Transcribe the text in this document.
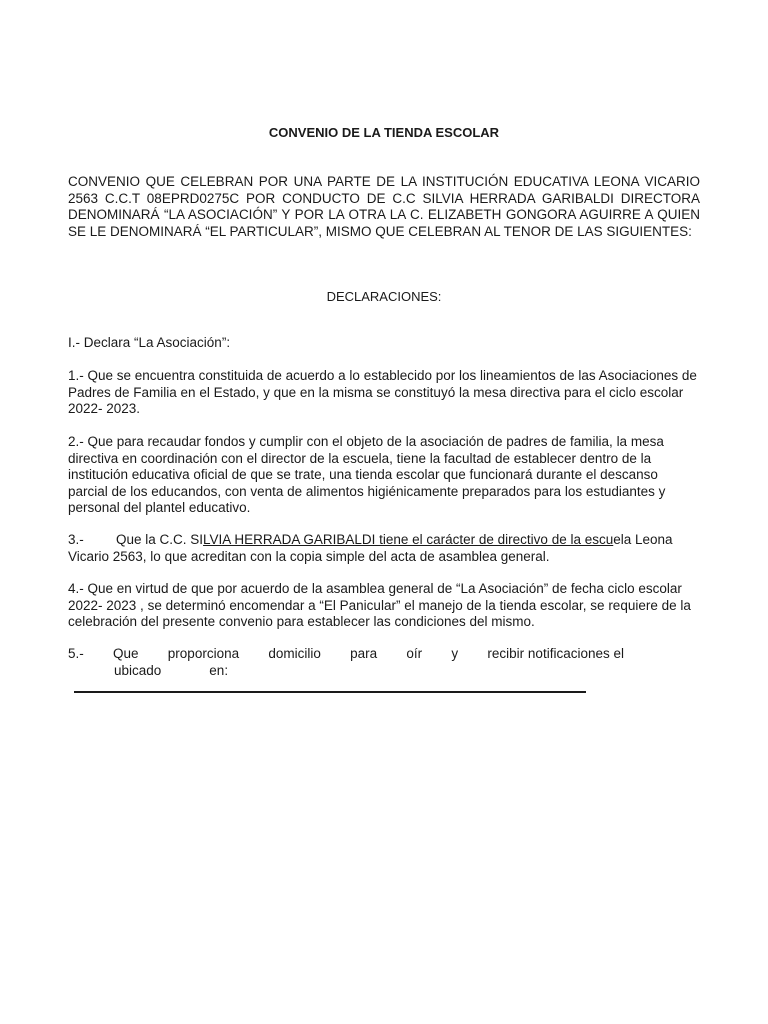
CONVENIO DE LA TIENDA ESCOLAR

CONVENIO QUE CELEBRAN POR UNA PARTE DE LA INSTITUCIÓN EDUCATIVA LEONA VICARIO 2563 C.C.T 08EPRD0275C POR CONDUCTO DE C.C SILVIA HERRADA GARIBALDI DIRECTORA DENOMINARÁ “LA ASOCIACIÓN” Y POR LA OTRA LA C. ELIZABETH GONGORA AGUIRRE A QUIEN SE LE DENOMINARÁ “EL PARTICULAR”, MISMO QUE CELEBRAN AL TENOR DE LAS SIGUIENTES:

DECLARACIONES:

I.- Declara “La Asociación”:

1.- Que se encuentra constituida de acuerdo a lo establecido por los lineamientos de las Asociaciones de Padres de Familia en el Estado, y que en la misma se constituyó la mesa directiva para el ciclo escolar 2022- 2023.

2.- Que para recaudar fondos y cumplir con el objeto de la asociación de padres de familia, la mesa directiva en coordinación con el director de la escuela, tiene la facultad de establecer dentro de la institución educativa oficial de que se trate, una tienda escolar que funcionará durante el descanso parcial de los educandos, con venta de alimentos higiénicamente preparados para los estudiantes y personal del plantel educativo.

3.- Que la C.C. SILVIA HERRADA GARIBALDI tiene el carácter de directivo de la escuela Leona Vicario 2563, lo que acreditan con la copia simple del acta de asamblea general.

4.- Que en virtud de que por acuerdo de la asamblea general de “La Asociación” de fecha ciclo escolar 2022- 2023 , se determinó encomendar a “El Panicular” el manejo de la tienda escolar, se requiere de la celebración del presente convenio para establecer las condiciones del mismo.

5.- Que proporciona domicilio para oír y recibir notificaciones el
ubicado	en:
